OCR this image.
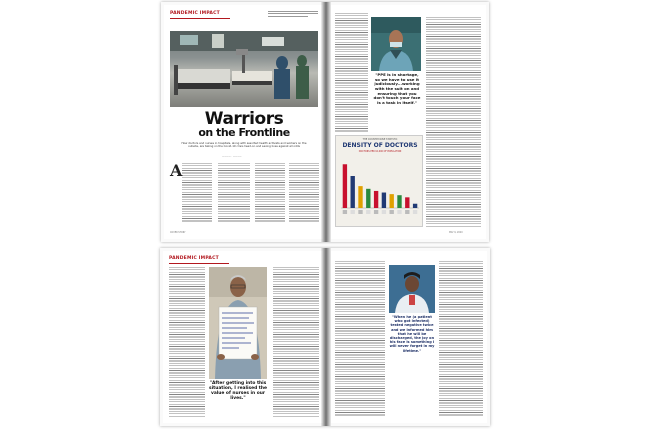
PANDEMIC IMPACT
Warriors
on the Frontline
How doctors and nurses in hospitals, along with assorted health activists and workers on the outside, are taking on the Covid-19 crisis head-on and saving lives against all odds
———— · ————
A
COVER STORY
"PPE is in shortage, so we have to use it judiciously...working with the suit on and ensuring that you don't touch your face is a task in itself."
THE COUNTRY-WISE STATISTIC
DENSITY OF DOCTORS
DOCTORS PER 10,000 OF POPULATION
MAY 9, 2020
PANDEMIC IMPACT
"After getting into this situation, I realised the value of nurses in our lives."
"When he (a patient who got infected) tested negative twice and we informed him that he will be discharged, the joy on his face is something I will never forget in my lifetime."
